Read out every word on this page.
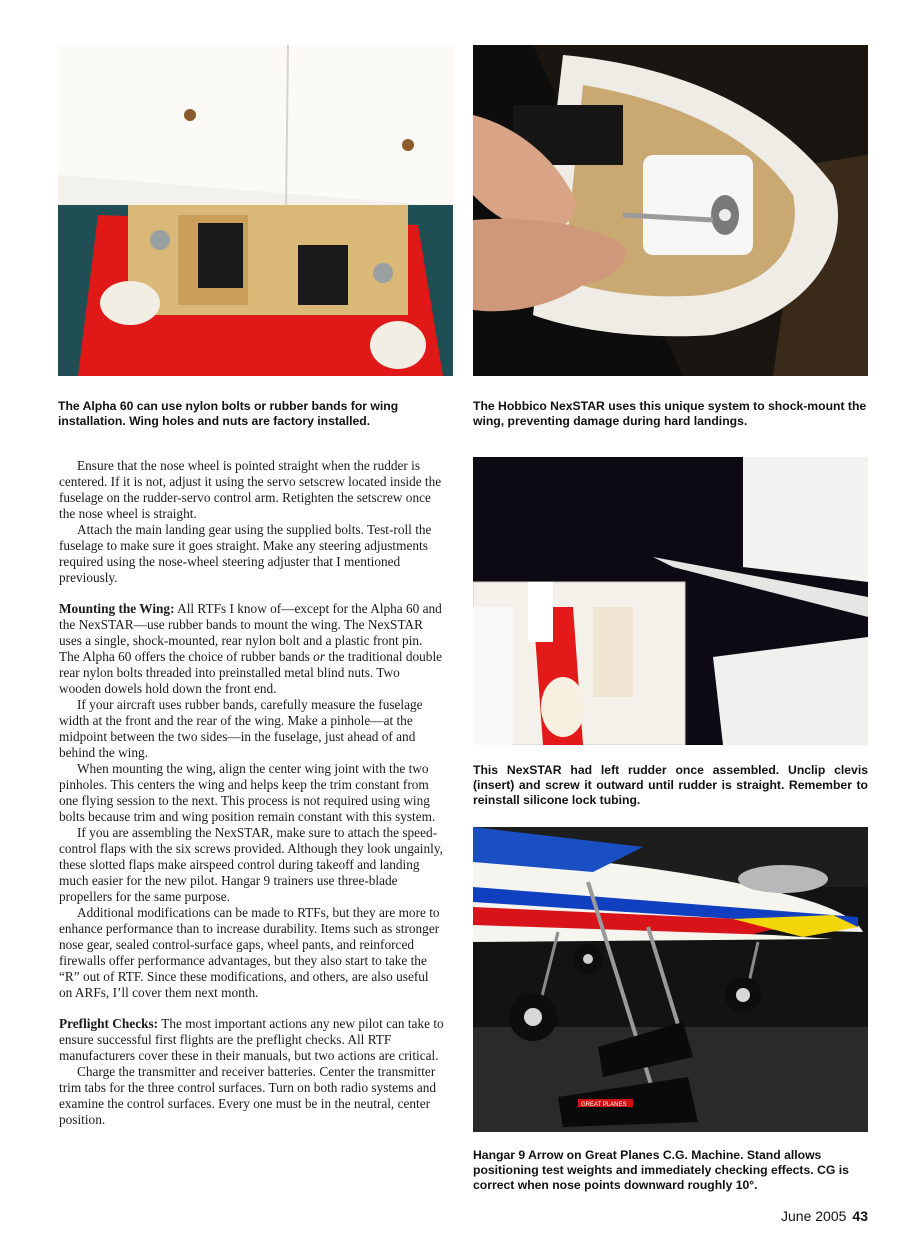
The Alpha 60 can use nylon bolts or rubber bands for wing installation. Wing holes and nuts are factory installed.
The Hobbico NexSTAR uses this unique system to shock-mount the wing, preventing damage during hard landings.

Ensure that the nose wheel is pointed straight when the rudder is centered. If it is not, adjust it using the servo setscrew located inside the fuselage on the rudder-servo control arm. Retighten the setscrew once the nose wheel is straight.

Attach the main landing gear using the supplied bolts. Test-roll the fuselage to make sure it goes straight. Make any steering adjustments required using the nose-wheel steering adjuster that I mentioned previously.

Mounting the Wing: All RTFs I know of—except for the Alpha 60 and the NexSTAR—use rubber bands to mount the wing. The NexSTAR uses a single, shock-mounted, rear nylon bolt and a plastic front pin. The Alpha 60 offers the choice of rubber bands or the traditional double rear nylon bolts threaded into preinstalled metal blind nuts. Two wooden dowels hold down the front end.

If your aircraft uses rubber bands, carefully measure the fuselage width at the front and the rear of the wing. Make a pinhole—at the midpoint between the two sides—in the fuselage, just ahead of and behind the wing.

When mounting the wing, align the center wing joint with the two pinholes. This centers the wing and helps keep the trim constant from one flying session to the next. This process is not required using wing bolts because trim and wing position remain constant with this system.

If you are assembling the NexSTAR, make sure to attach the speed-control flaps with the six screws provided. Although they look ungainly, these slotted flaps make airspeed control during takeoff and landing much easier for the new pilot. Hangar 9 trainers use three-blade propellers for the same purpose.

Additional modifications can be made to RTFs, but they are more to enhance performance than to increase durability. Items such as stronger nose gear, sealed control-surface gaps, wheel pants, and reinforced firewalls offer performance advantages, but they also start to take the “R” out of RTF. Since these modifications, and others, are also useful on ARFs, I’ll cover them next month.

Preflight Checks: The most important actions any new pilot can take to ensure successful first flights are the preflight checks. All RTF manufacturers cover these in their manuals, but two actions are critical.

Charge the transmitter and receiver batteries. Center the transmitter trim tabs for the three control surfaces. Turn on both radio systems and examine the control surfaces. Every one must be in the neutral, center position.

This NexSTAR had left rudder once assembled. Unclip clevis (insert) and screw it outward until rudder is straight. Remember to reinstall silicone lock tubing.
GREAT PLANES
Hangar 9 Arrow on Great Planes C.G. Machine. Stand allows positioning test weights and immediately checking effects. CG is correct when nose points downward roughly 10°.
June 2005 43
